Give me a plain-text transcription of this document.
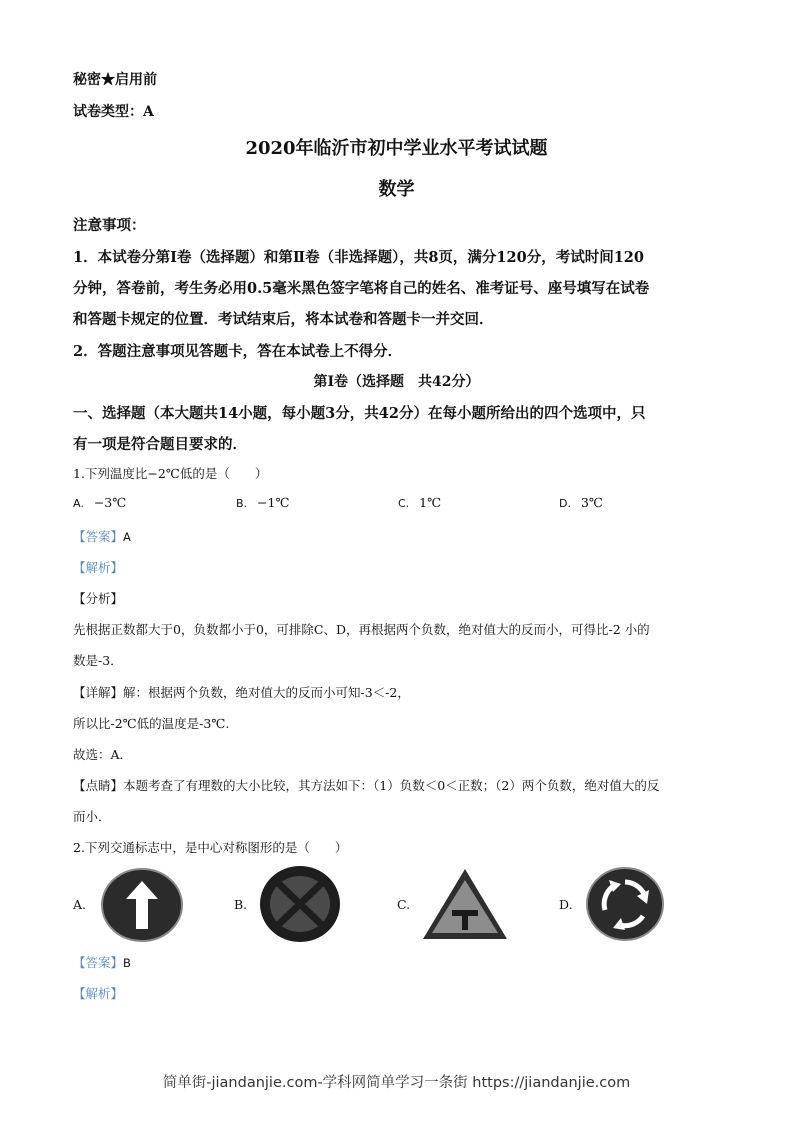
秘密★启用前
试卷类型：A
2020年临沂市初中学业水平考试试题
数学
注意事项：
1．本试卷分第Ⅰ卷（选择题）和第Ⅱ卷（非选择题），共8页，满分120分，考试时间120
分钟，答卷前，考生务必用0.5毫米黑色签字笔将自己的姓名、准考证号、座号填写在试卷
和答题卡规定的位置．考试结束后，将本试卷和答题卡一并交回．
2．答题注意事项见答题卡，答在本试卷上不得分．
第Ⅰ卷（选择题　共42分）
一、选择题（本大题共14小题，每小题3分，共42分）在每小题所给出的四个选项中，只
有一项是符合题目要求的．
1.下列温度比−2℃低的是（　　）
A. −3℃	B. −1℃	C. 1℃	D. 3℃
【答案】A
【解析】
【分析】
先根据正数都大于0，负数都小于0，可排除C、D，再根据两个负数，绝对值大的反而小，可得比-2 小的
数是-3．
【详解】解：根据两个负数，绝对值大的反而小可知-3＜-2，
所以比-2℃低的温度是-3℃.
故选：A．
【点睛】本题考查了有理数的大小比较，其方法如下：（1）负数＜0＜正数；（2）两个负数，绝对值大的反
而小．
2.下列交通标志中，是中心对称图形的是（　　）
A.	B.	C.	D.
【答案】B
【解析】
简单街-jiandanjie.com-学科网简单学习一条街 https://jiandanjie.com
